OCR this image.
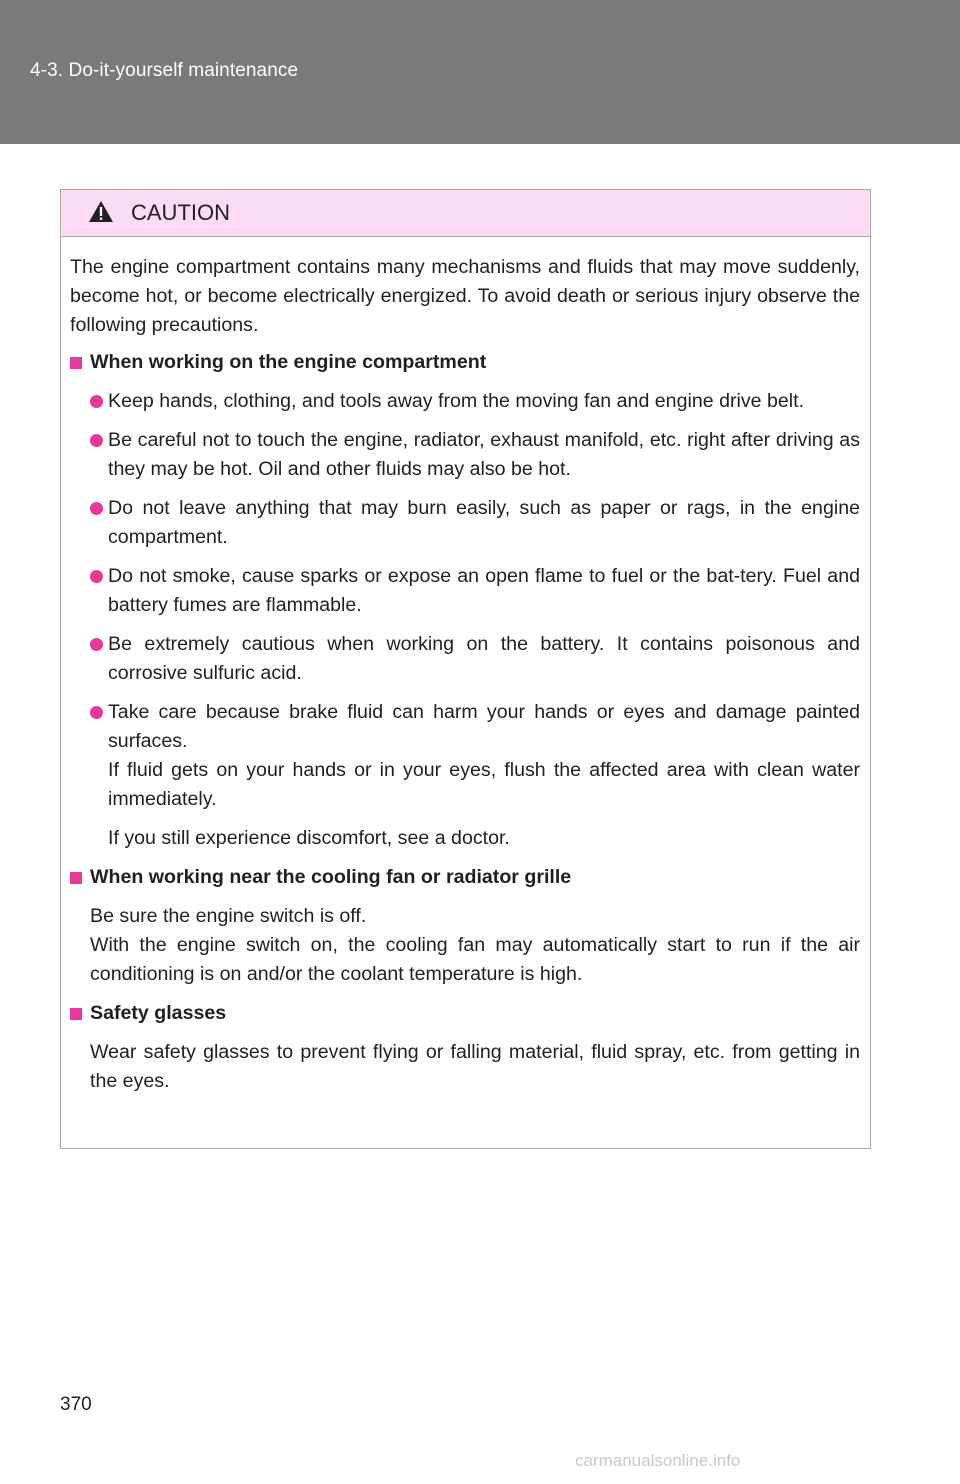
4-3. Do-it-yourself maintenance
CAUTION

The engine compartment contains many mechanisms and fluids that may move suddenly, become hot, or become electrically energized. To avoid death or serious injury observe the following precautions.

When working on the engine compartment
Keep hands, clothing, and tools away from the moving fan and engine drive belt.
Be careful not to touch the engine, radiator, exhaust manifold, etc. right after driving as they may be hot. Oil and other fluids may also be hot.
Do not leave anything that may burn easily, such as paper or rags, in the engine compartment.
Do not smoke, cause sparks or expose an open flame to fuel or the bat-tery. Fuel and battery fumes are flammable.
Be extremely cautious when working on the battery. It contains poisonous and corrosive sulfuric acid.
Take care because brake fluid can harm your hands or eyes and damage painted surfaces.
If fluid gets on your hands or in your eyes, flush the affected area with clean water immediately.
If you still experience discomfort, see a doctor.
When working near the cooling fan or radiator grille
Be sure the engine switch is off.
With the engine switch on, the cooling fan may automatically start to run if the air conditioning is on and/or the coolant temperature is high.
Safety glasses
Wear safety glasses to prevent flying or falling material, fluid spray, etc. from getting in the eyes.
370
carmanualsonline.info
